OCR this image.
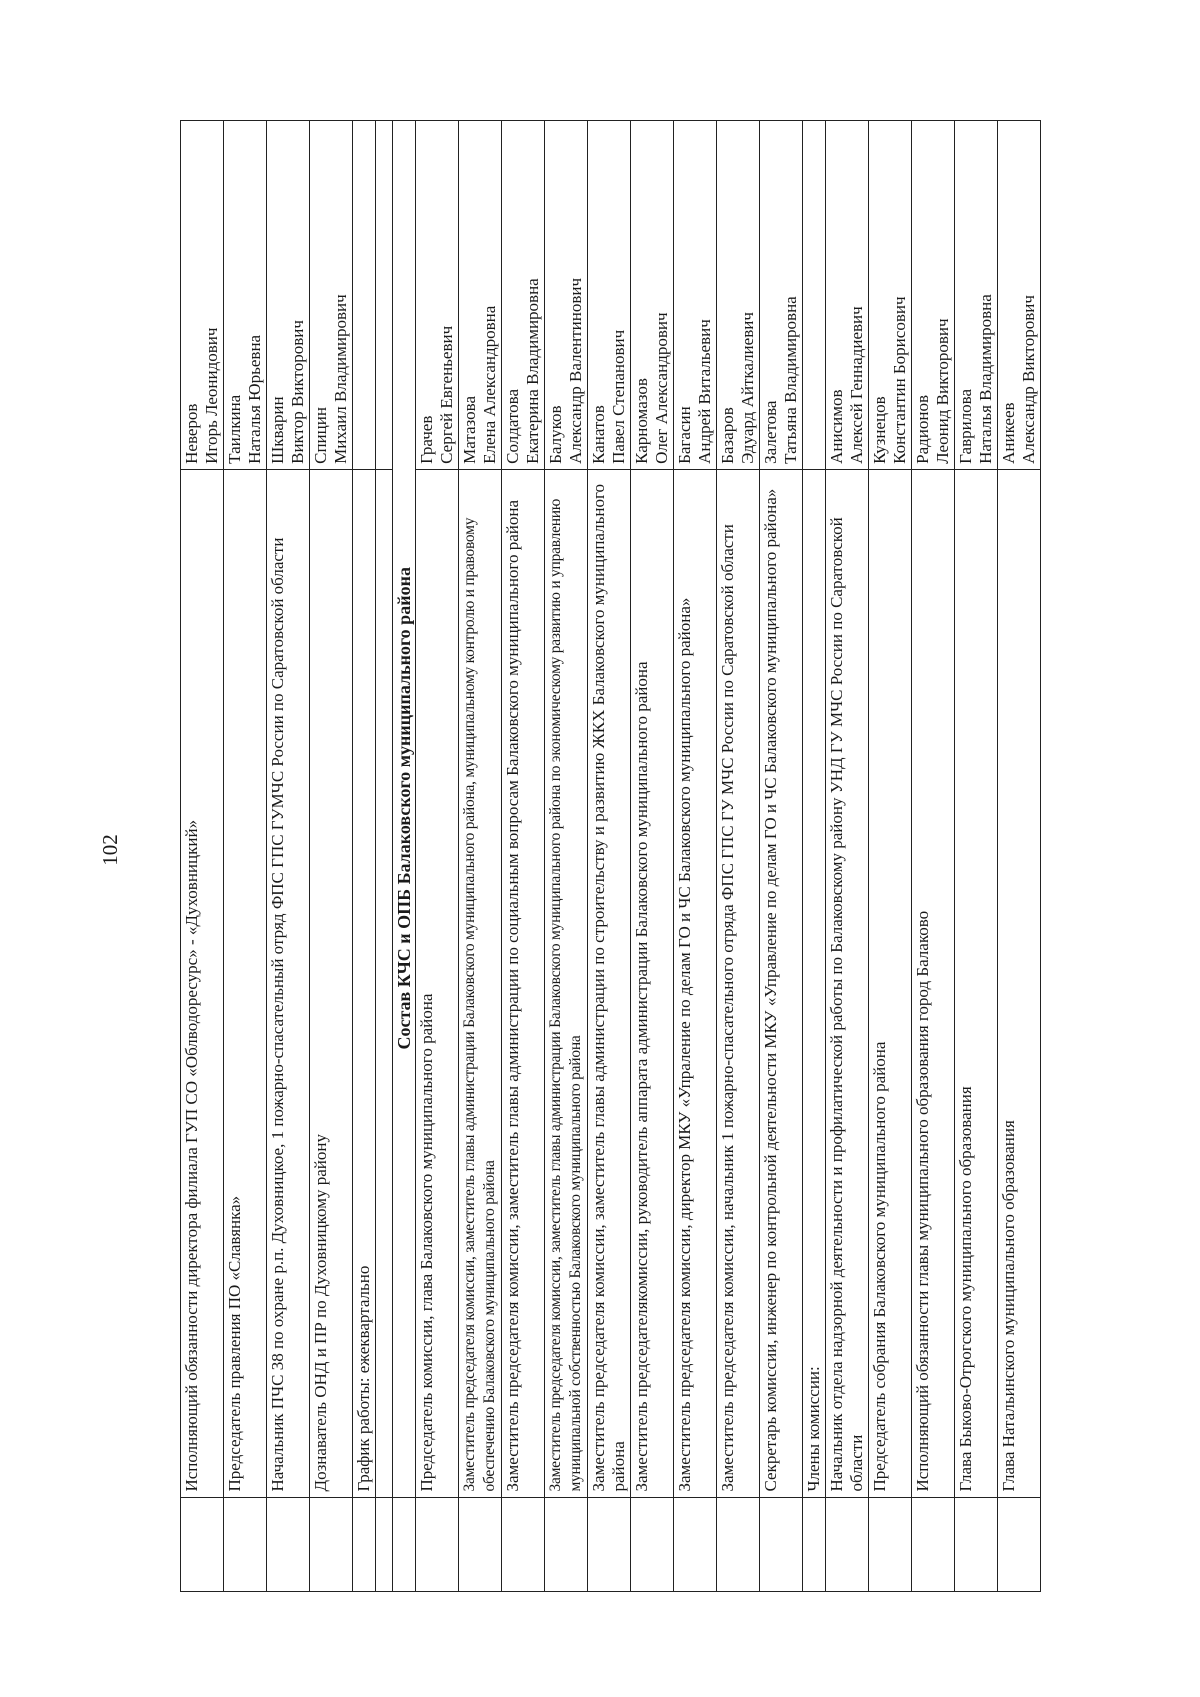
102
		Исполняющий обязанности директора филиала ГУП СО «Облводоресурс» - «Духовницкий»	Неверов Игорь Леонидович

	Председатель правления ПО «Славянка»	Таилкина Наталья Юрьевна

	Начальник ПЧС 38 по охране р.п. Духовницкое, 1 пожарно-спасательный отряд ФПС ГПС ГУМЧС России по Саратовской области	Шкварин Виктор Викторович

	Дознаватель ОНД и ПР по Духовницкому району	Спицин Михаил Владимирович

	График работы: ежеквартально	

	Состав КЧС и ОПБ Балаковского муниципального района	
	Председатель комиссии, глава Балаковского муниципального района	Грачев Сергей Евгеньевич

	Заместитель председателя комиссии, заместитель главы администрации Балаковского муниципального района, муниципальному контролю и правовому обеспечению Балаковского муниципального района	Матазова Елена Александровна

	Заместитель председателя комиссии, заместитель главы администрации по социальным вопросам Балаковского муниципального района	Солдатова Екатерина Владимировна

	Заместитель председателя комиссии, заместитель главы администрации Балаковского муниципального района по экономическому развитию и управлению муниципальной собственностью Балаковского муниципального района	Балуков Александр Валентинович

	Заместитель председателя комиссии, заместитель главы администрации по строительству и развитию ЖКХ Балаковского муниципального района	Канатов Павел Степанович

	Заместитель председателякомиссии, руководитель аппарата администрации Балаковского муниципального района	Карномазов Олег Александрович

	Заместитель председателя комиссии, директор МКУ «Упраление по делам ГО и ЧС Балаковского муниципального района»	Багасин Андрей Витальевич

	Заместитель председателя комиссии, начальник 1 пожарно-спасательного отряда ФПС ГПС ГУ МЧС России по Саратовской области	Базаров Эдуард Айткалиевич

	Секретарь комиссии, инженер по контрольной деятельности МКУ «Управление по делам ГО и ЧС Балаковского муниципального района»	Залетова Татьяна Владимировна

	Члены комиссии:	
	Начальник отдела надзорной деятельности и профилатической работы по Балаковскому району УНД ГУ МЧС России по Саратовской области	Анисимов Алексей Геннадиевич

	Председатель собрания Балаковского муниципального района	Кузнецов Константин Борисович

	Исполняющий обязанности главы муниципального образования город Балаково	Радионов Леонид Викторович

	Глава Быково-Отрогского муниципального образования	Гаврилова Наталья Владимировна

	Глава Натальинского муниципального образования	Аникеев Александр Викторович
